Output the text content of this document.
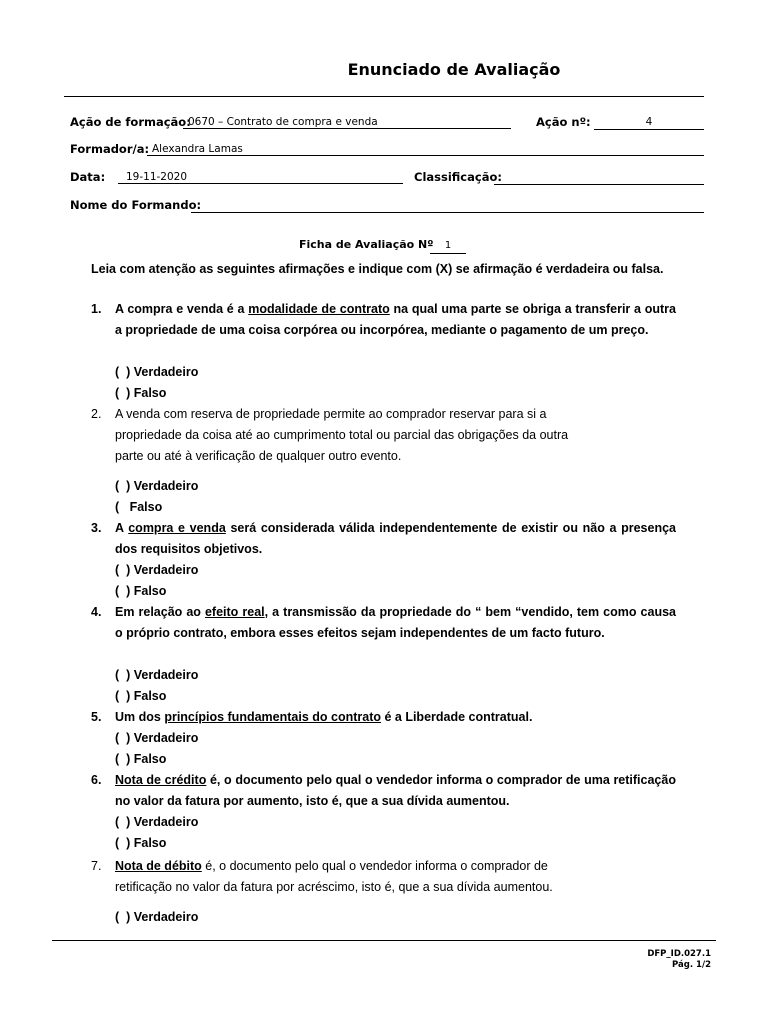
Enunciado de Avaliação
Ação de formação:
0670 – Contrato de compra e venda	Ação nº:	4
Formador/a: Alexandra Lamas
Data:	19-11-2020	Classificação:
Nome do Formando:
Ficha de Avaliação Nº	1
Leia com atenção as seguintes afirmações e indique com (X) se afirmação é verdadeira ou falsa.
1.	A compra e venda é a modalidade de contrato na qual uma parte se obriga a transferir a outra a propriedade de uma coisa corpórea ou incorpórea, mediante o pagamento de um preço.
(  ) Verdadeiro
(  ) Falso
2.	A venda com reserva de propriedade permite ao comprador reservar para si a
propriedade da coisa até ao cumprimento total ou parcial das obrigações da outra
parte ou até à verificação de qualquer outro evento.
(  ) Verdadeiro
(   Falso
3.	A compra e venda será considerada válida independentemente de existir ou não a presença dos requisitos objetivos.
(  ) Verdadeiro
(  ) Falso
4.	Em relação ao efeito real, a transmissão da propriedade do “ bem “vendido, tem como causa o próprio contrato, embora esses efeitos sejam independentes de um facto futuro.
(  ) Verdadeiro
(  ) Falso
5.	Um dos princípios fundamentais do contrato é a Liberdade contratual.
(  ) Verdadeiro
(  ) Falso
6.	Nota de crédito é, o documento pelo qual o vendedor informa o comprador de uma retificação no valor da fatura por aumento, isto é, que a sua dívida aumentou.
(  ) Verdadeiro
(  ) Falso
7.	Nota de débito é, o documento pelo qual o vendedor informa o comprador de
retificação no valor da fatura por acréscimo, isto é, que a sua dívida aumentou.
(  ) Verdadeiro
DFP_ID.027.1
Pág. 1/2
